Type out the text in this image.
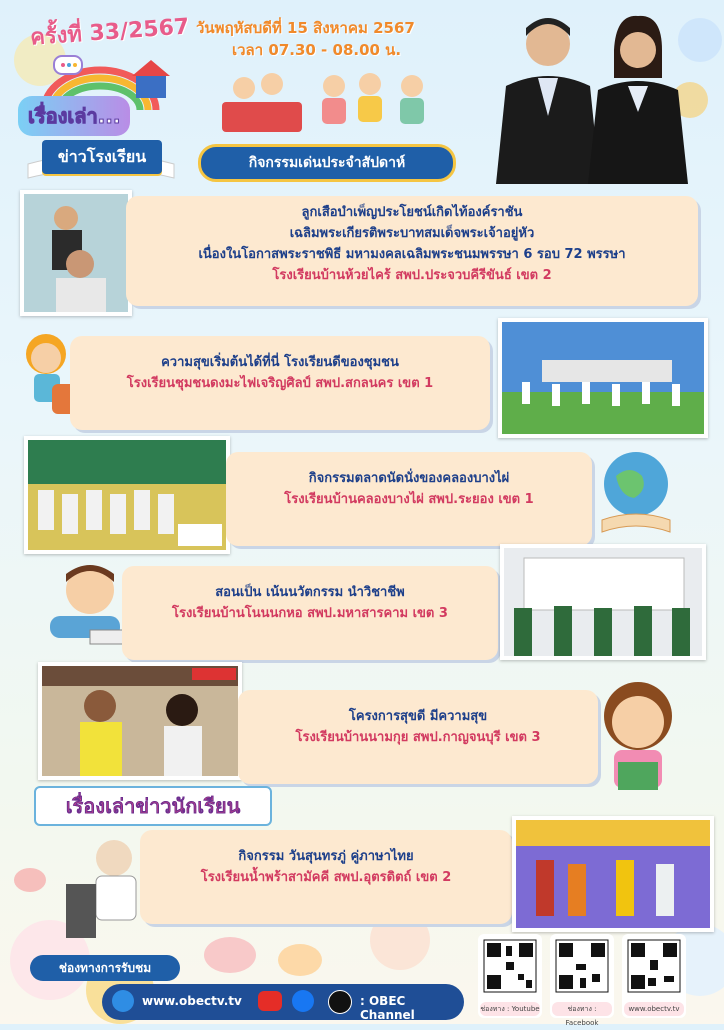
ครั้งที่ 33/2567 วันพฤหัสบดีที่ 15 สิงหาคม 2567
เวลา 07.30 - 08.00 น.
เรื่องเล่า...
ข่าวโรงเรียน	กิจกรรมเด่นประจำสัปดาห์
ลูกเสือบำเพ็ญประโยชน์เกิดไท้องค์ราชัน
เฉลิมพระเกียรติพระบาทสมเด็จพระเจ้าอยู่หัว
เนื่องในโอกาสพระราชพิธี มหามงคลเฉลิมพระชนมพรรษา 6 รอบ 72 พรรษา
โรงเรียนบ้านห้วยไคร้ สพป.ประจวบคีรีขันธ์ เขต 2
ความสุขเริ่มต้นได้ที่นี่ โรงเรียนดีของชุมชน
โรงเรียนชุมชนดงมะไฟเจริญศิลป์ สพป.สกลนคร เขต 1
กิจกรรมตลาดนัดนั่งของคลองบางไผ่
โรงเรียนบ้านคลองบางไผ่ สพป.ระยอง เขต 1
สอนเป็น เน้นนวัตกรรม นำวิชาชีพ
โรงเรียนบ้านโนนนกหอ สพป.มหาสารคาม เขต 3
โครงการสุขดี มีความสุข
โรงเรียนบ้านนามกุย สพป.กาญจนบุรี เขต 3
เรื่องเล่าข่าวนักเรียน
กิจกรรม วันสุนทรภู่ คู่ภาษาไทย
โรงเรียนน้ำพร้าสามัคคี สพป.อุตรดิตถ์ เขต 2
ช่องทางการรับชม
www.obectv.tv	: OBEC Channel	ช่องทาง : Youtube	ช่องทาง : Facebook
www.obectv.tv
